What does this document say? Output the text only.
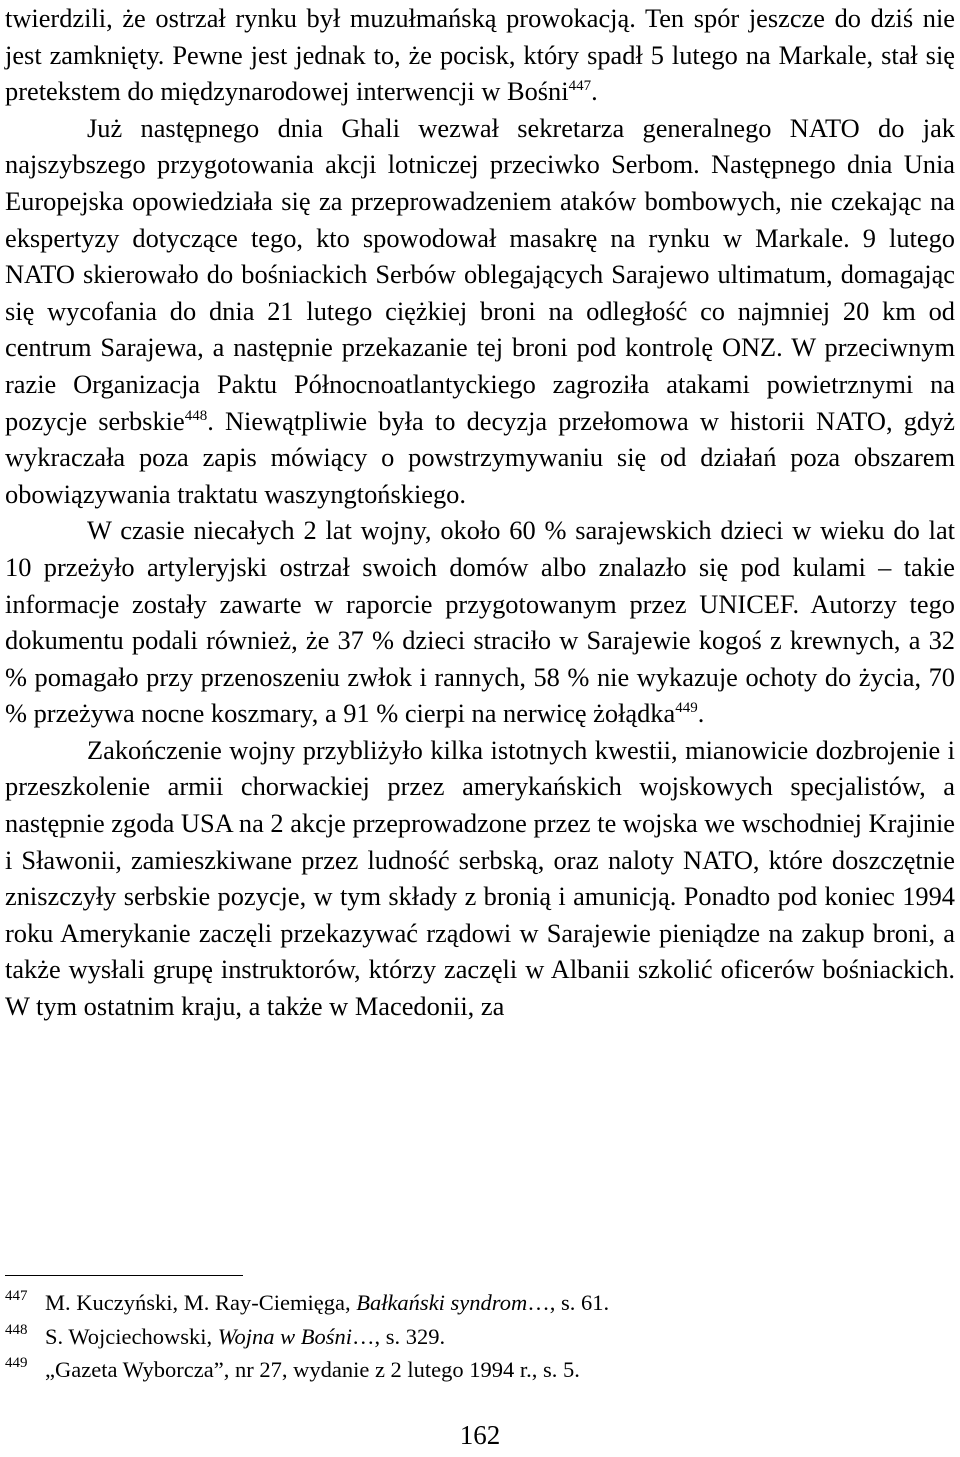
twierdzili, że ostrzał rynku był muzułmańską prowokacją. Ten spór jeszcze do dziś nie jest zamknięty. Pewne jest jednak to, że pocisk, który spadł 5 lutego na Markale, stał się pretekstem do międzynarodowej interwencji w Bośni$^{447}$.

Już następnego dnia Ghali wezwał sekretarza generalnego NATO do jak najszybszego przygotowania akcji lotniczej przeciwko Serbom. Następnego dnia Unia Europejska opowiedziała się za przeprowadzeniem ataków bombowych, nie czekając na ekspertyzy dotyczące tego, kto spowodował masakrę na rynku w Markale. 9 lutego NATO skierowało do bośniackich Serbów oblegających Sarajewo ultimatum, domagając się wycofania do dnia 21 lutego ciężkiej broni na odległość co najmniej 20 km od centrum Sarajewa, a następnie przekazanie tej broni pod kontrolę ONZ. W przeciwnym razie Organizacja Paktu Północnoatlantyckiego zagroziła atakami powietrznymi na pozycje serbskie$^{448}$. Niewątpliwie była to decyzja przełomowa w historii NATO, gdyż wykraczała poza zapis mówiący o powstrzymywaniu się od działań poza obszarem obowiązywania traktatu waszyngtońskiego.

W czasie niecałych 2 lat wojny, około 60 % sarajewskich dzieci w wieku do lat 10 przeżyło artyleryjski ostrzał swoich domów albo znalazło się pod kulami – takie informacje zostały zawarte w raporcie przygotowanym przez UNICEF. Autorzy tego dokumentu podali również, że 37 % dzieci straciło w Sarajewie kogoś z krewnych, a 32 % pomagało przy przenoszeniu zwłok i rannych, 58 % nie wykazuje ochoty do życia, 70 % przeżywa nocne koszmary, a 91 % cierpi na nerwicę żołądka$^{449}$.

Zakończenie wojny przybliżyło kilka istotnych kwestii, mianowicie dozbrojenie i przeszkolenie armii chorwackiej przez amerykańskich wojskowych specjalistów, a następnie zgoda USA na 2 akcje przeprowadzone przez te wojska we wschodniej Krajinie i Sławonii, zamieszkiwane przez ludność serbską, oraz naloty NATO, które doszczętnie zniszczyły serbskie pozycje, w tym składy z bronią i amunicją. Ponadto pod koniec 1994 roku Amerykanie zaczęli przekazywać rządowi w Sarajewie pieniądze na zakup broni, a także wysłali grupę instruktorów, którzy zaczęli w Albanii szkolić oficerów bośniackich. W tym ostatnim kraju, a także w Macedonii, za

447 M. Kuczyński, M. Ray-Ciemięga, Bałkański syndrom…, s. 61.
448 S. Wojciechowski, Wojna w Bośni…, s. 329.
449 „Gazeta Wyborcza”, nr 27, wydanie z 2 lutego 1994 r., s. 5.
162
